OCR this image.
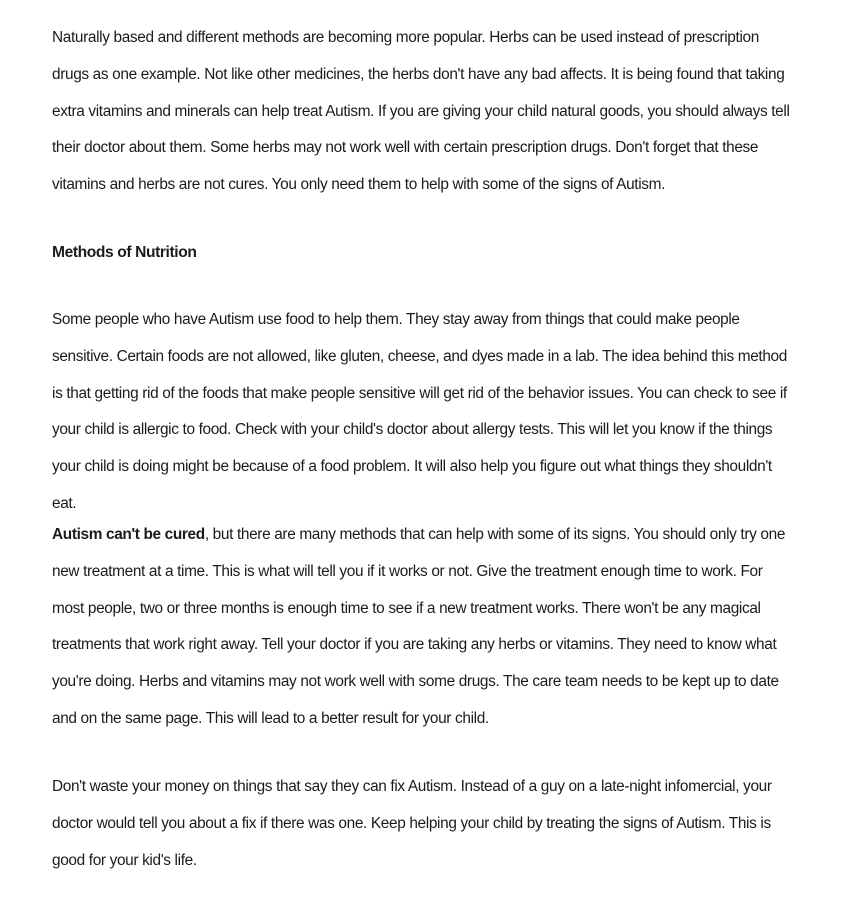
Naturally based and different methods are becoming more popular. Herbs can be used instead of prescription drugs as one example. Not like other medicines, the herbs don't have any bad affects. It is being found that taking extra vitamins and minerals can help treat Autism. If you are giving your child natural goods, you should always tell their doctor about them. Some herbs may not work well with certain prescription drugs. Don't forget that these vitamins and herbs are not cures. You only need them to help with some of the signs of Autism.

Methods of Nutrition

Some people who have Autism use food to help them. They stay away from things that could make people sensitive. Certain foods are not allowed, like gluten, cheese, and dyes made in a lab. The idea behind this method is that getting rid of the foods that make people sensitive will get rid of the behavior issues. You can check to see if your child is allergic to food. Check with your child's doctor about allergy tests. This will let you know if the things your child is doing might be because of a food problem. It will also help you figure out what things they shouldn't eat.

Autism can't be cured, but there are many methods that can help with some of its signs. You should only try one new treatment at a time. This is what will tell you if it works or not. Give the treatment enough time to work. For most people, two or three months is enough time to see if a new treatment works. There won't be any magical treatments that work right away. Tell your doctor if you are taking any herbs or vitamins. They need to know what you're doing. Herbs and vitamins may not work well with some drugs. The care team needs to be kept up to date and on the same page. This will lead to a better result for your child.

Don't waste your money on things that say they can fix Autism. Instead of a guy on a late-night infomercial, your doctor would tell you about a fix if there was one. Keep helping your child by treating the signs of Autism. This is good for your kid's life.
